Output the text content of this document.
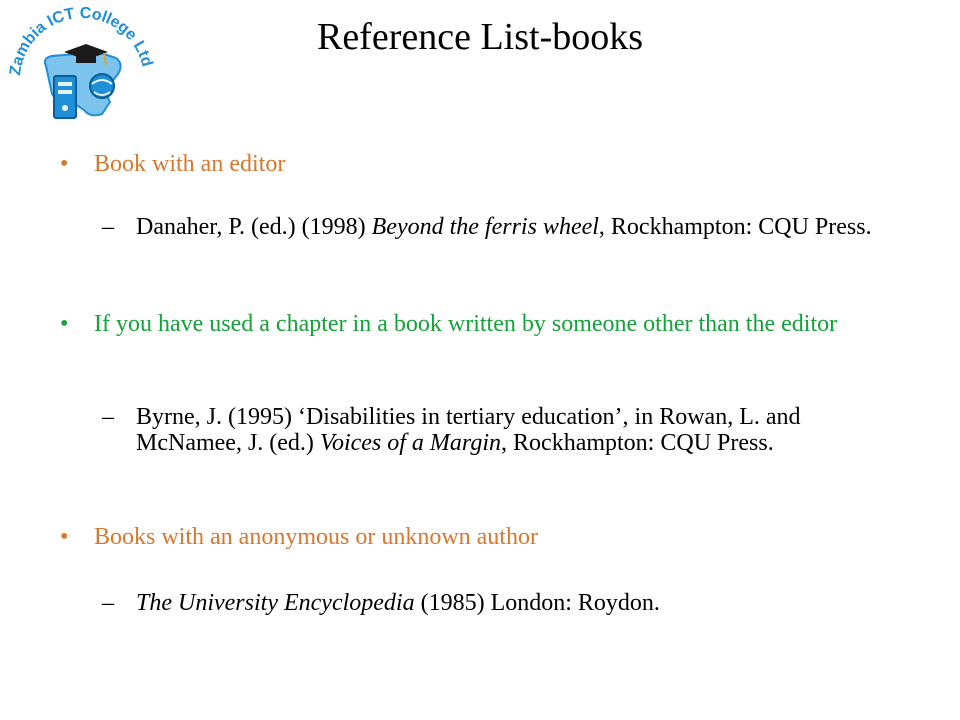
Zambia ICT College Ltd
Reference List-books
• Book with an editor
– Danaher, P. (ed.) (1998) Beyond the ferris wheel, Rockhampton: CQU Press.
• If you have used a chapter in a book written by someone other than the editor
– Byrne, J. (1995) ‘Disabilities in tertiary education’, in Rowan, L. and McNamee, J. (ed.) Voices of a Margin, Rockhampton: CQU Press.
• Books with an anonymous or unknown author
– The University Encyclopedia (1985) London: Roydon.
